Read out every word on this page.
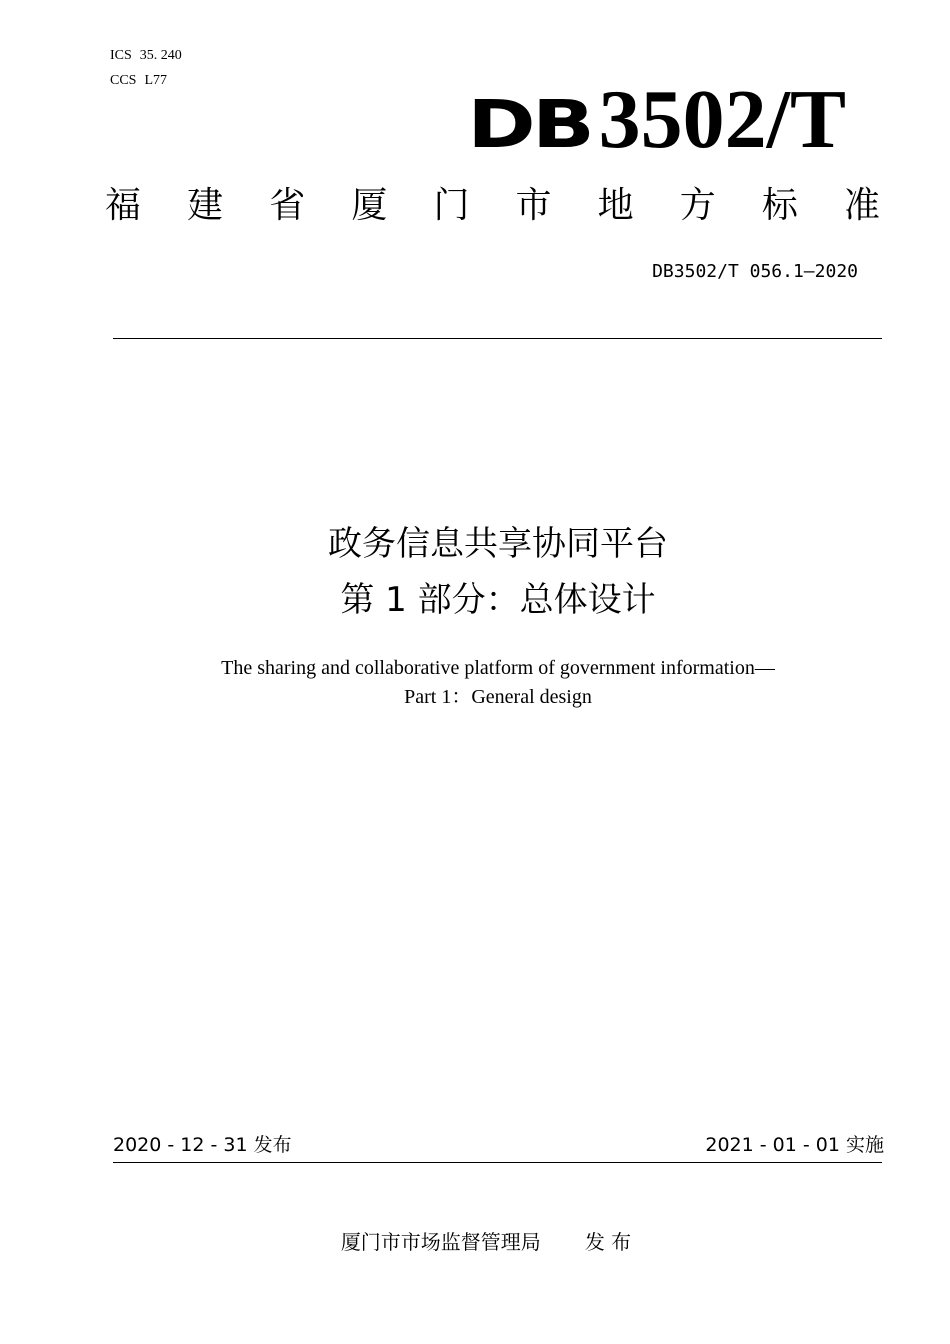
ICS 35. 240
CCS L77
DB3502/T
福 建 省 厦 门 市 地 方 标 准
DB3502/T 056.1—2020
政务信息共享协同平台
第 1 部分：总体设计
The sharing and collaborative platform of government information—
Part 1：General design
2020 - 12 - 31 发布	2021 - 01 - 01 实施
厦门市市场监督管理局 发 布
